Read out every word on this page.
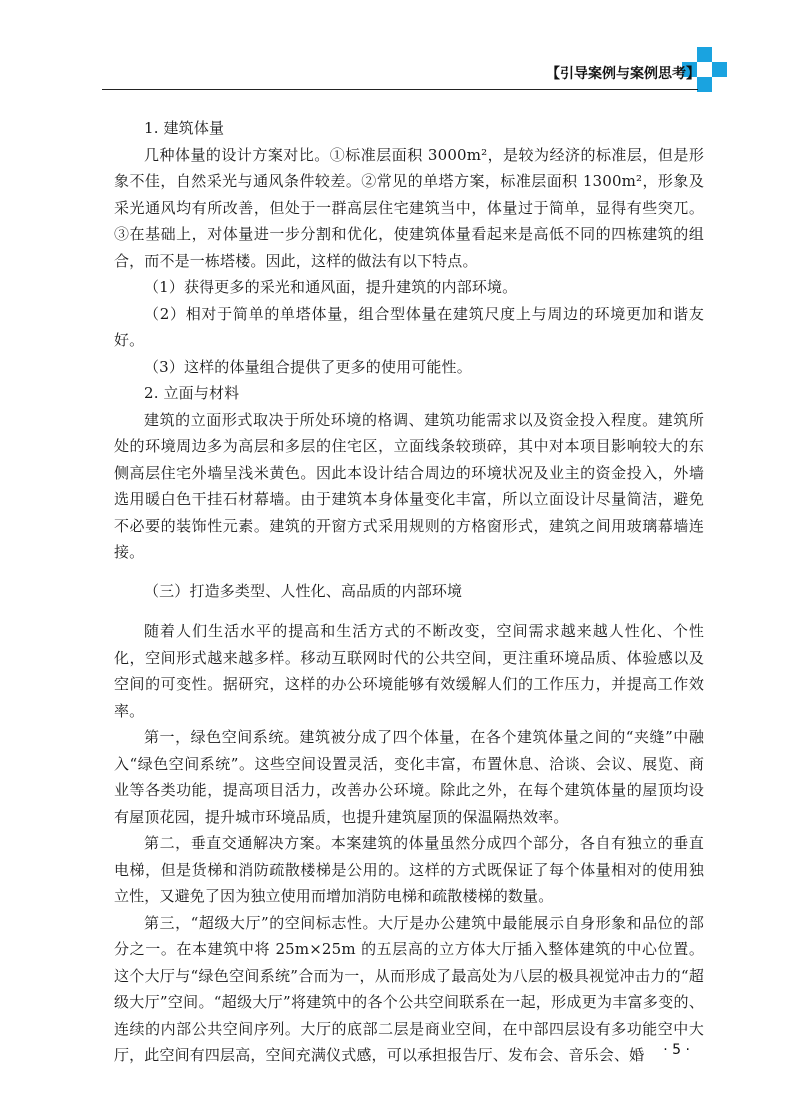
【引导案例与案例思考】

1. 建筑体量

几种体量的设计方案对比。①标准层面积 3000m²，是较为经济的标准层，但是形象不佳，自然采光与通风条件较差。②常见的单塔方案，标准层面积 1300m²，形象及采光通风均有所改善，但处于一群高层住宅建筑当中，体量过于简单，显得有些突兀。③在基础上，对体量进一步分割和优化，使建筑体量看起来是高低不同的四栋建筑的组合，而不是一栋塔楼。因此，这样的做法有以下特点。

（1）获得更多的采光和通风面，提升建筑的内部环境。

（2）相对于简单的单塔体量，组合型体量在建筑尺度上与周边的环境更加和谐友好。

（3）这样的体量组合提供了更多的使用可能性。

2. 立面与材料

建筑的立面形式取决于所处环境的格调、建筑功能需求以及资金投入程度。建筑所处的环境周边多为高层和多层的住宅区，立面线条较琐碎，其中对本项目影响较大的东侧高层住宅外墙呈浅米黄色。因此本设计结合周边的环境状况及业主的资金投入，外墙选用暖白色干挂石材幕墙。由于建筑本身体量变化丰富，所以立面设计尽量简洁，避免不必要的装饰性元素。建筑的开窗方式采用规则的方格窗形式，建筑之间用玻璃幕墙连接。

（三）打造多类型、人性化、高品质的内部环境

随着人们生活水平的提高和生活方式的不断改变，空间需求越来越人性化、个性化，空间形式越来越多样。移动互联网时代的公共空间，更注重环境品质、体验感以及空间的可变性。据研究，这样的办公环境能够有效缓解人们的工作压力，并提高工作效率。

第一，绿色空间系统。建筑被分成了四个体量，在各个建筑体量之间的“夹缝”中融入“绿色空间系统”。这些空间设置灵活，变化丰富，布置休息、洽谈、会议、展览、商业等各类功能，提高项目活力，改善办公环境。除此之外，在每个建筑体量的屋顶均设有屋顶花园，提升城市环境品质，也提升建筑屋顶的保温隔热效率。

第二，垂直交通解决方案。本案建筑的体量虽然分成四个部分，各自有独立的垂直电梯，但是货梯和消防疏散楼梯是公用的。这样的方式既保证了每个体量相对的使用独立性，又避免了因为独立使用而增加消防电梯和疏散楼梯的数量。

第三，“超级大厅”的空间标志性。大厅是办公建筑中最能展示自身形象和品位的部分之一。在本建筑中将 25m×25m 的五层高的立方体大厅插入整体建筑的中心位置。这个大厅与“绿色空间系统”合而为一，从而形成了最高处为八层的极具视觉冲击力的“超级大厅”空间。“超级大厅”将建筑中的各个公共空间联系在一起，形成更为丰富多变的、连续的内部公共空间序列。大厅的底部二层是商业空间，在中部四层设有多功能空中大厅，此空间有四层高，空间充满仪式感，可以承担报告厅、发布会、音乐会、婚	· 5 ·
